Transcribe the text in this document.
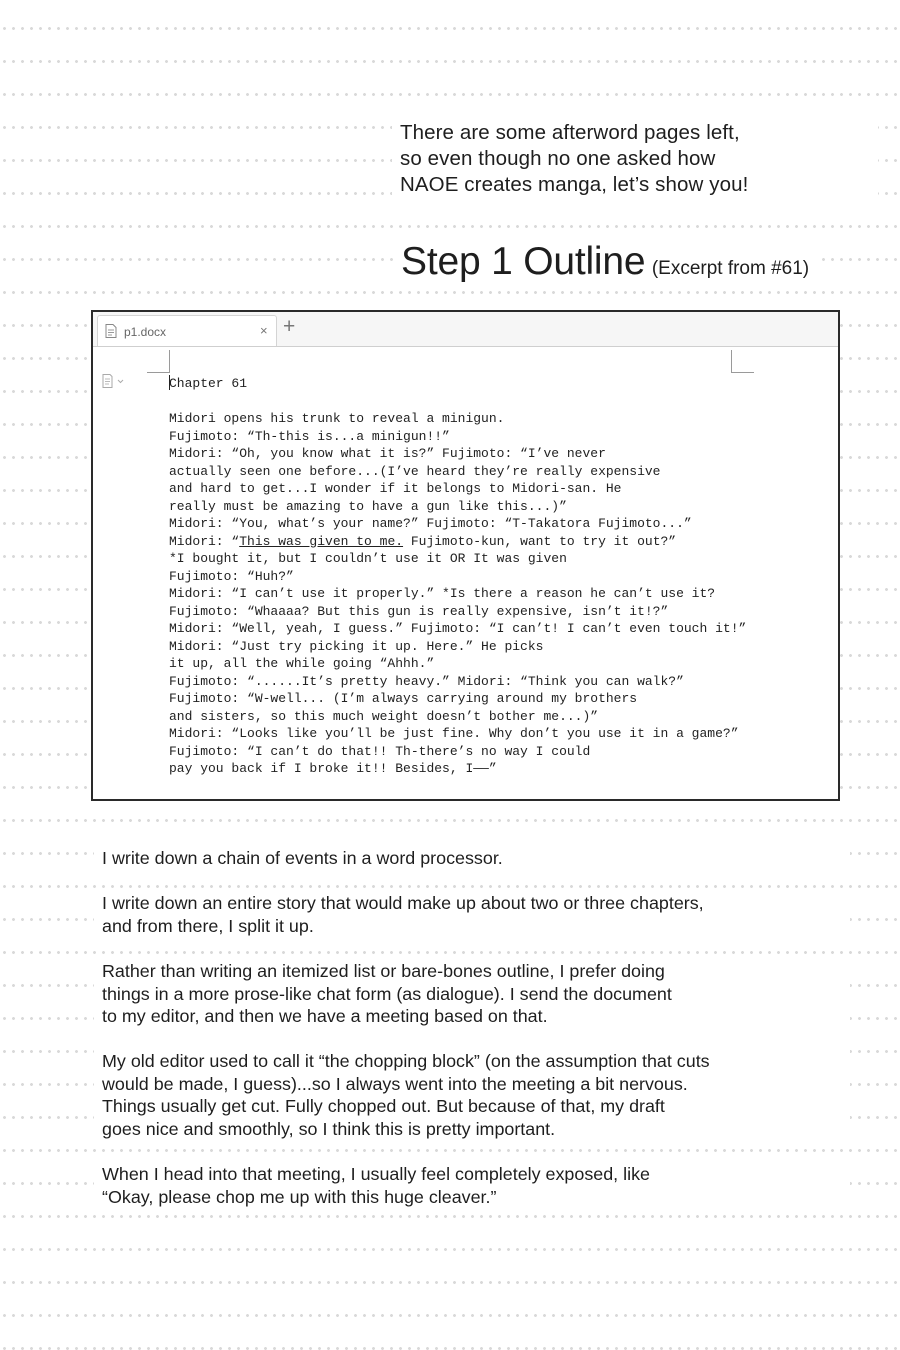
There are some afterword pages left,
so even though no one asked how
NAOE creates manga, let’s show you!
Step 1 Outline (Excerpt from #61)
p1.docx	× +
Chapter 61
Midori opens his trunk to reveal a minigun.
Fujimoto: “Th-this is...a minigun!!”
Midori: “Oh, you know what it is?” Fujimoto: “I’ve never
actually seen one before...(I’ve heard they’re really expensive
and hard to get...I wonder if it belongs to Midori-san. He
really must be amazing to have a gun like this...)”
Midori: “You, what’s your name?” Fujimoto: “T-Takatora Fujimoto...”
Midori: “This was given to me. Fujimoto-kun, want to try it out?”
*I bought it, but I couldn’t use it OR It was given
Fujimoto: “Huh?”
Midori: “I can’t use it properly.” *Is there a reason he can’t use it?
Fujimoto: “Whaaaa? But this gun is really expensive, isn’t it!?”
Midori: “Well, yeah, I guess.” Fujimoto: “I can’t! I can’t even touch it!”
Midori: “Just try picking it up. Here.” He picks
it up, all the while going “Ahhh.”
Fujimoto: “......It’s pretty heavy.” Midori: “Think you can walk?”
Fujimoto: “W-well... (I’m always carrying around my brothers
and sisters, so this much weight doesn’t bother me...)”
Midori: “Looks like you’ll be just fine. Why don’t you use it in a game?”
Fujimoto: “I can’t do that!! Th-there’s no way I could
pay you back if I broke it!! Besides, I——”
I write down a chain of events in a word processor.
I write down an entire story that would make up about two or three chapters,
and from there, I split it up.
Rather than writing an itemized list or bare-bones outline, I prefer doing
things in a more prose-like chat form (as dialogue). I send the document
to my editor, and then we have a meeting based on that.
My old editor used to call it “the chopping block” (on the assumption that cuts
would be made, I guess)...so I always went into the meeting a bit nervous.
Things usually get cut. Fully chopped out. But because of that, my draft
goes nice and smoothly, so I think this is pretty important.
When I head into that meeting, I usually feel completely exposed, like
“Okay, please chop me up with this huge cleaver.”
